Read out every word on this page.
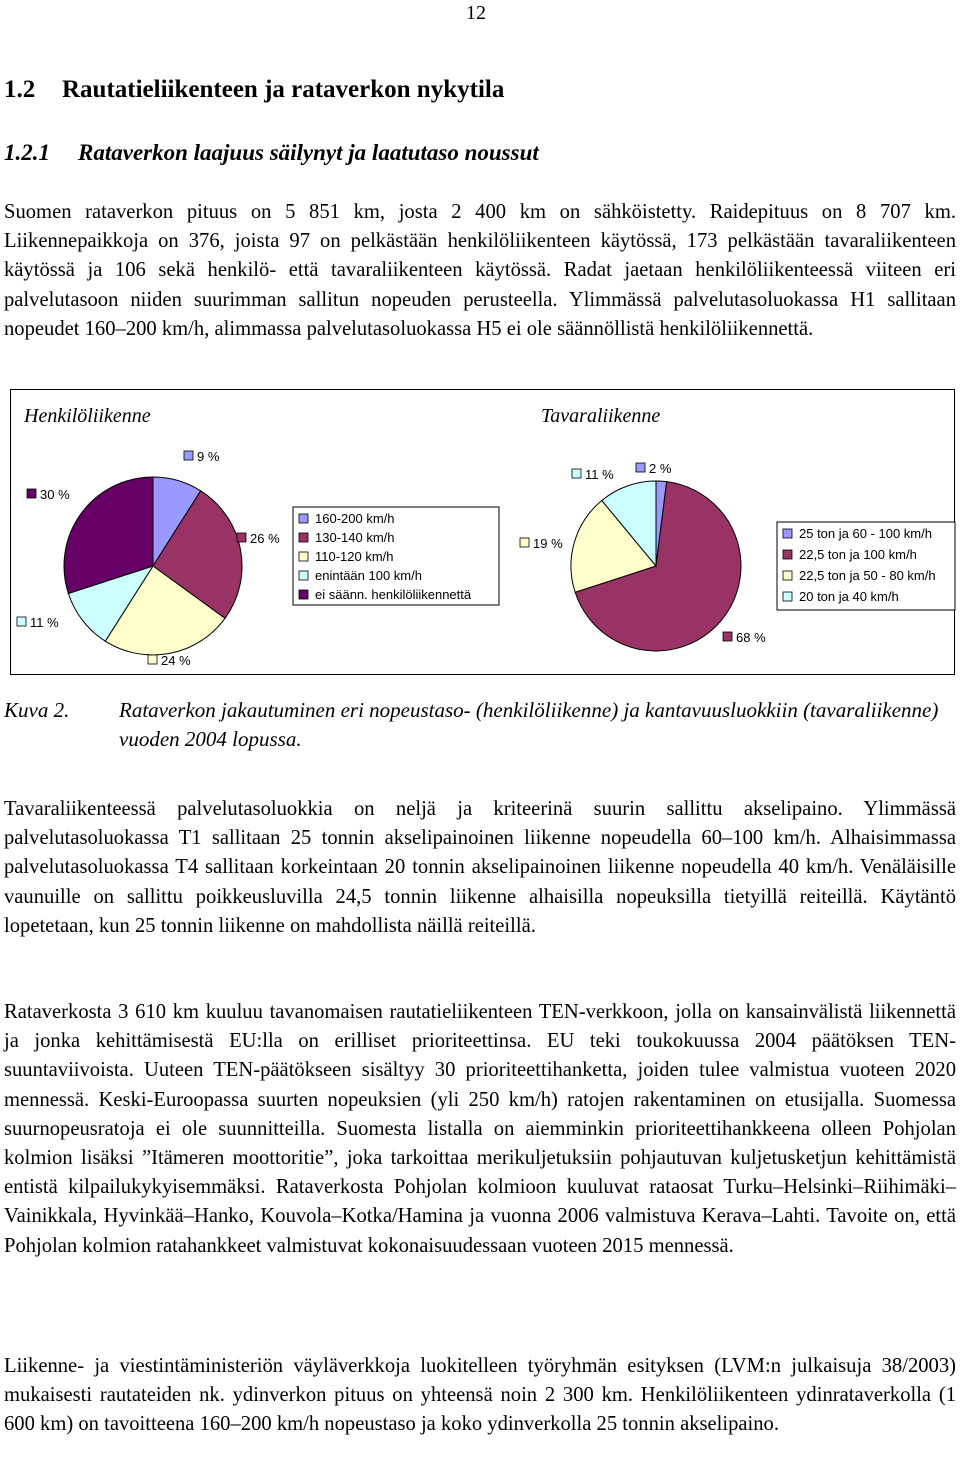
12
1.2 Rautatieliikenteen ja rataverkon nykytila
1.2.1 Rataverkon laajuus säilynyt ja laatutaso noussut

Suomen rataverkon pituus on 5 851 km, josta 2 400 km on sähköistetty. Raidepituus on 8 707 km. Liikennepaikkoja on 376, joista 97 on pelkästään henkilöliikenteen käytössä, 173 pelkästään tavaraliikenteen käytössä ja 106 sekä henkilö- että tavaraliikenteen käytössä. Radat jaetaan henkilöliikenteessä viiteen eri palvelutasoon niiden suurimman sallitun nopeuden perusteella. Ylimmässä palvelutasoluokassa H1 sallitaan nopeudet 160–200 km/h, alimmassa palvelutasoluokassa H5 ei ole säännöllistä henkilöliikennettä.

Henkilöliikenne	Tavaraliikenne
9 %
26 %
24 %
11 %
30 %
2 %
68 %
19 %
11 %
160-200 km/h
130-140 km/h
110-120 km/h
enintään 100 km/h
ei säänn. henkilöliikennettä
25 ton ja 60 - 100 km/h
22,5 ton ja 100 km/h
22,5 ton ja 50 - 80 km/h
20 ton ja 40 km/h
Kuva 2. Rataverkon jakautuminen eri nopeustaso- (henkilöliikenne) ja kantavuusluokkiin (tavaraliikenne) vuoden 2004 lopussa.

Tavaraliikenteessä palvelutasoluokkia on neljä ja kriteerinä suurin sallittu akselipaino. Ylimmässä palvelutasoluokassa T1 sallitaan 25 tonnin akselipainoinen liikenne nopeudella 60–100 km/h. Alhaisimmassa palvelutasoluokassa T4 sallitaan korkeintaan 20 tonnin akselipainoinen liikenne nopeudella 40 km/h. Venäläisille vaunuille on sallittu poikkeusluvilla 24,5 tonnin liikenne alhaisilla nopeuksilla tietyillä reiteillä. Käytäntö lopetetaan, kun 25 tonnin liikenne on mahdollista näillä reiteillä.

Rataverkosta 3 610 km kuuluu tavanomaisen rautatieliikenteen TEN-verkkoon, jolla on kansainvälistä liikennettä ja jonka kehittämisestä EU:lla on erilliset prioriteettinsa. EU teki toukokuussa 2004 päätöksen TEN-suuntaviivoista. Uuteen TEN-päätökseen sisältyy 30 prioriteettihanketta, joiden tulee valmistua vuoteen 2020 mennessä. Keski-Euroopassa suurten nopeuksien (yli 250 km/h) ratojen rakentaminen on etusijalla. Suomessa suurnopeusratoja ei ole suunnitteilla. Suomesta listalla on aiemminkin prioriteettihankkeena olleen Pohjolan kolmion lisäksi ”Itämeren moottoritie”, joka tarkoittaa merikuljetuksiin pohjautuvan kuljetusketjun kehittämistä entistä kilpailukykyisemmäksi. Rataverkosta Pohjolan kolmioon kuuluvat rataosat Turku–Helsinki–Riihimäki–Vainikkala, Hyvinkää–Hanko, Kouvola–Kotka/Hamina ja vuonna 2006 valmistuva Kerava–Lahti. Tavoite on, että Pohjolan kolmion ratahankkeet valmistuvat kokonaisuudessaan vuoteen 2015 mennessä.

Liikenne- ja viestintäministeriön väyläverkkoja luokitelleen työryhmän esityksen (LVM:n julkaisuja 38/2003) mukaisesti rautateiden nk. ydinverkon pituus on yhteensä noin 2 300 km. Henkilöliikenteen ydinrataverkolla (1 600 km) on tavoitteena 160–200 km/h nopeustaso ja koko ydinverkolla 25 tonnin akselipaino.
